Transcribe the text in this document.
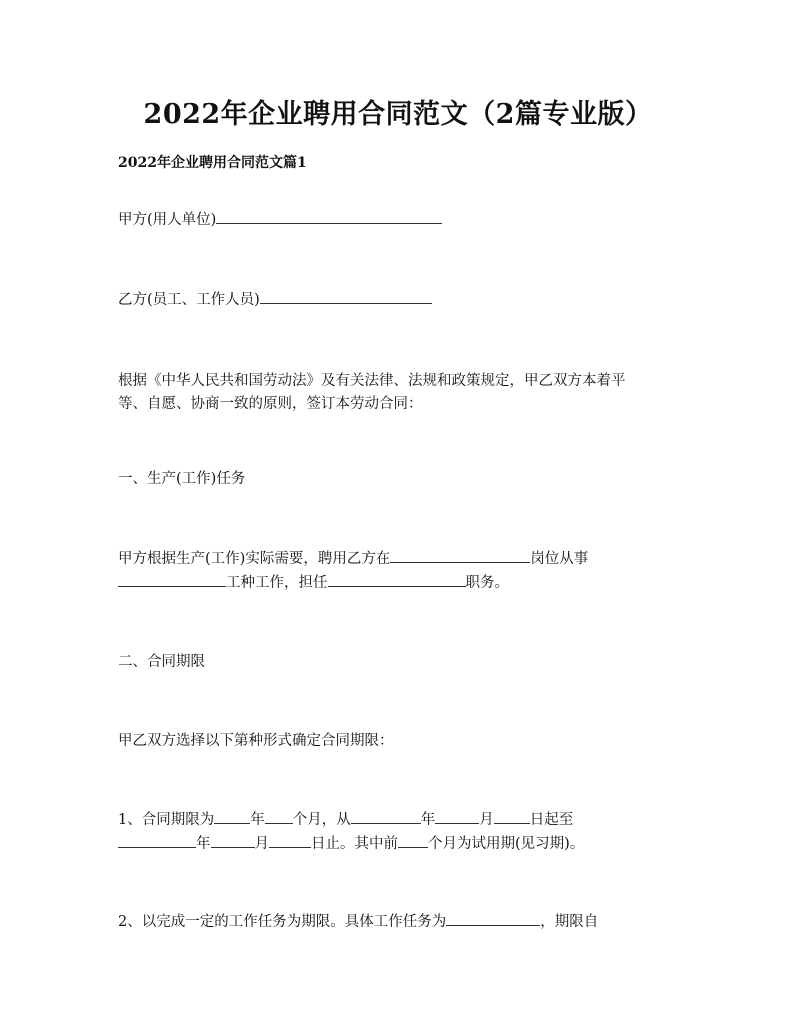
2022年企业聘用合同范文（2篇专业版）
2022年企业聘用合同范文篇1
甲方(用人单位)
乙方(员工、工作人员)
根据《中华人民共和国劳动法》及有关法律、法规和政策规定，甲乙双方本着平
等、自愿、协商一致的原则，签订本劳动合同：
一、生产(工作)任务
甲方根据生产(工作)实际需要，聘用乙方在	岗位从事
工种工作，担任	职务。
二、合同期限
甲乙双方选择以下第种形式确定合同期限：
1、合同期限为 年 个月，从	年	月 日起至
年	月	日止。其中前 个月为试用期(见习期)。
2、以完成一定的工作任务为期限。具体工作任务为	，期限自
